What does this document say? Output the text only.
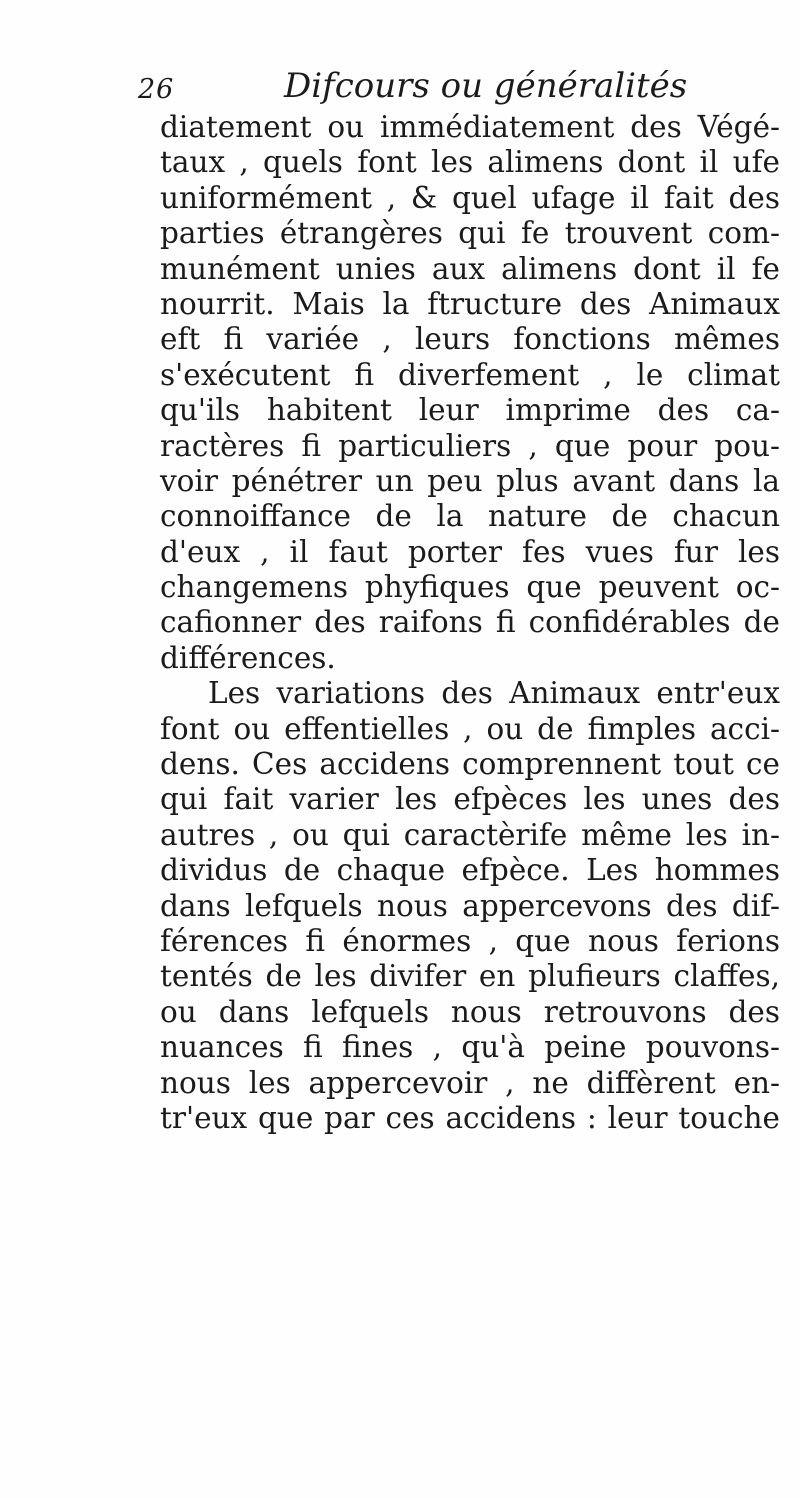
26	Difcours ou généralités
diatement ou immédiatement des Végé-
taux , quels font les alimens dont il ufe
uniformément , & quel ufage il fait des
parties étrangères qui fe trouvent com-
munément unies aux alimens dont il fe
nourrit. Mais la ftructure des Animaux
eft fi variée , leurs fonctions mêmes
s'exécutent fi diverfement , le climat
qu'ils habitent leur imprime des ca-
ractères fi particuliers , que pour pou-
voir pénétrer un peu plus avant dans la
connoiffance de la nature de chacun
d'eux , il faut porter fes vues fur les
changemens phyfiques que peuvent oc-
cafionner des raifons fi confidérables de
différences.
Les variations des Animaux entr'eux
font ou effentielles , ou de fimples acci-
dens. Ces accidens comprennent tout ce
qui fait varier les efpèces les unes des
autres , ou qui caractèrife même les in-
dividus de chaque efpèce. Les hommes
dans lefquels nous appercevons des dif-
férences fi énormes , que nous ferions
tentés de les divifer en plufieurs claffes,
ou dans lefquels nous retrouvons des
nuances fi fines , qu'à peine pouvons-
nous les appercevoir , ne diffèrent en-
tr'eux que par ces accidens : leur touche
